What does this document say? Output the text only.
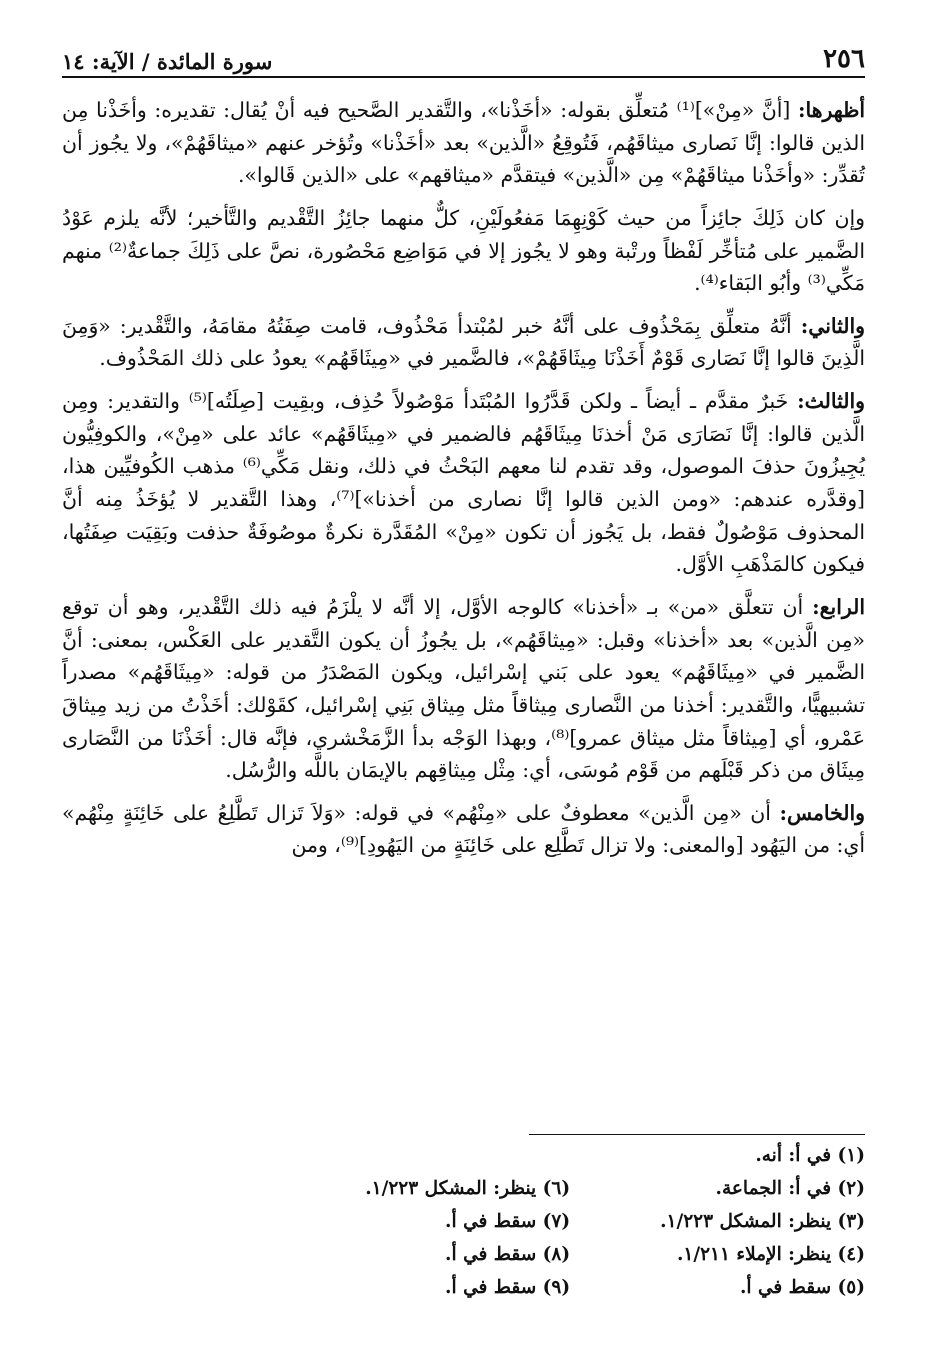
٢٥٦
سورة المائدة / الآية: ١٤

أظهرها: [أنَّ «مِنْ»]⁽¹⁾ مُتعلِّق بقوله: «أخَذْنا»، والتَّقدير الصَّحيح فيه أنْ يُقال: تقديره: وأخَذْنا مِن الذين قالوا: إنَّا نَصارى ميثاقَهُم، فَتُوقِعُ «الَّذين» بعد «أخَذْنا» وتُؤخر عنهم «ميثاقَهُمْ»، ولا يجُوز أن تُقدِّر: «وأخَذْنا ميثاقَهُمْ» مِن «الَّذين» فيتقدَّم «ميثاقهم» على «الذين قَالوا».

وإن كان ذَلِكَ جائِزاً من حيث كَوْنِهِمَا مَفعُولَيْنِ، كلٌّ منهما جائِزُ التَّقْديم والتَّأخير؛ لأنَّه يلزم عَوْدُ الضَّمير على مُتأخِّر لَفْظاً ورتْبة وهو لا يجُوز إلا في مَوَاضِع مَحْصُورة، نصَّ على ذَلِكَ جماعةٌ⁽²⁾ منهم مَكِّي⁽³⁾ وأبُو البَقاء⁽⁴⁾.

والثاني: أنَّهُ متعلِّق بِمَحْذُوف على أنَّهُ خبر لمُبْتدأ مَحْذُوف، قامت صِفَتُهُ مقامَهُ، والتَّقْدير: «وَمِنَ الَّذِينَ قالوا إنَّا نَصَارى قَوْمٌ أَخَذْنَا مِيثَاقَهُمْ»، فالضَّمير في «مِيثَاقَهُم» يعودُ على ذلك المَحْذُوف.

والثالث: خَبرٌ مقدَّم ـ أيضاً ـ ولكن قَدَّرُوا المُبْتَدأ مَوْصُولاً حُذِف، وبقِيت [صِلَتُه]⁽⁵⁾ والتقدير: ومِن الَّذين قالوا: إنَّا نَصَارَى مَنْ أخذنَا مِيثَاقَهُم فالضمير في «مِيثَاقَهُم» عائد على «مِنْ»، والكوفِيُّون يُجِيزُونَ حذفَ الموصول، وقد تقدم لنا معهم البَحْثُ في ذلك، ونقل مَكِّي⁽⁶⁾ مذهب الكُوفيِّين هذا، [وقدَّره عندهم: «ومن الذين قالوا إنَّا نصارى من أخذنا»]⁽⁷⁾، وهذا التَّقدير لا يُؤخَذُ مِنه أنَّ المحذوف مَوْصُولٌ فقط، بل يَجُوز أن تكون «مِنْ» المُقَدَّرة نكرةٌ موصُوفَةٌ حذفت وبَقِيَت صِفَتُها، فيكون كالمَذْهَبِ الأوَّل.

الرابع: أن تتعلَّق «من» بـ «أخذنا» كالوجه الأوَّل، إلا أنَّه لا يلْزَمُ فيه ذلك التَّقْدير، وهو أن توقع «مِن الَّذين» بعد «أخذنا» وقبل: «مِيثاقَهُم»، بل يجُوزُ أن يكون التَّقدير على العَكْس، بمعنى: أنَّ الضَّمير في «مِيثَاقَهُم» يعود على بَني إسْرائيل، ويكون المَصْدَرُ من قوله: «مِيثَاقَهُم» مصدراً تشبيهيًّا، والتَّقدير: أخذنا من النَّصارى مِيثاقاً مثل مِيثاق بَنِي إسْرائيل، كقَوْلك: أخَذْتُ من زيد مِيثاقَ عَمْرو، أي [مِيثاقاً مثل ميثاق عمرو]⁽⁸⁾، وبهذا الوَجْه بدأ الزَّمَخْشري، فإنَّه قال: أخَذْنَا من النَّصَارى مِيثَاق من ذكر قَبْلَهم من قَوْم مُوسَى، أي: مِثْل مِيثاقِهم بالإيمَان باللَّه والرُّسُل.

والخامس: أن «مِن الَّذين» معطوفٌ على «مِنْهُم» في قوله: «وَلاَ تَزال تَطَّلِعُ على خَائِنَةٍ مِنْهُم» أي: من اليَهُود [والمعنى: ولا تزال تَطَّلِع على خَائِنَةٍ من اليَهُودِ]⁽⁹⁾، ومن

(١) في أ: أنه.
(٢) في أ: الجماعة.
(٣) ينظر: المشكل ١/٢٢٣.
(٤) ينظر: الإملاء ١/٢١١.
(٥) سقط في أ.
(٦) ينظر: المشكل ١/٢٢٣.
(٧) سقط في أ.
(٨) سقط في أ.
(٩) سقط في أ.
